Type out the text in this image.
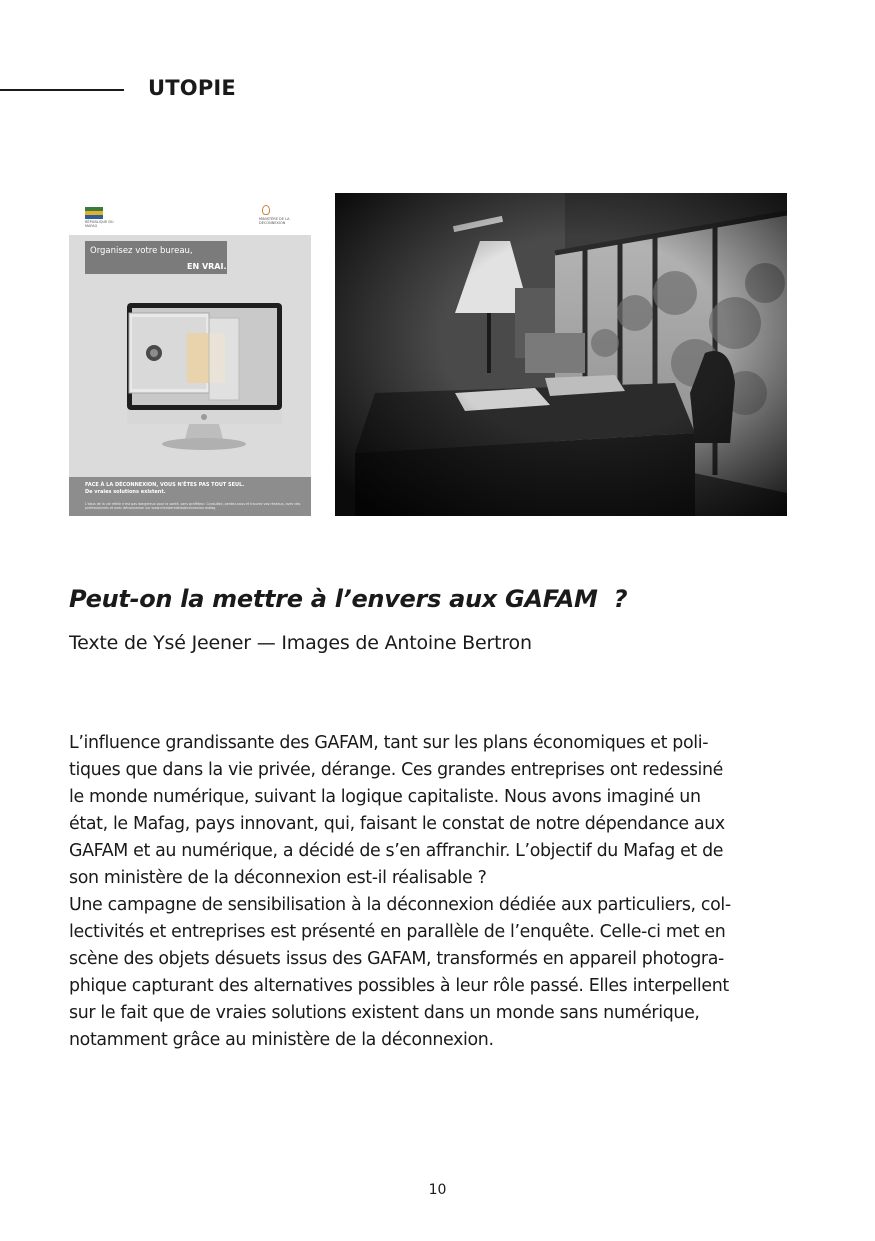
UTOPIE
RÉPUBLIQUE DU MAFAG
MINISTÈRE DE LA DÉCONNEXION
Organisez votre bureau,
EN VRAI.
FACE À LA DÉCONNEXION, VOUS N'ÊTES PAS TOUT SEUL.
De vraies solutions existent.
L'abus de la vie réelle n'est pas dangereux pour la santé, sans graffiteur. Consultez, perdez-vous et trouvez vos réseaux, avec des professionnels et avec déconnexion sur www.ministeredeladeconnexion.mafag
Peut-on la mettre à l’envers aux GAFAM  ?
Texte de Ysé Jeener — Images de Antoine Bertron
L’influence grandissante des GAFAM, tant sur les plans économiques et poli-
tiques que dans la vie privée, dérange. Ces grandes entreprises ont redessiné
le monde numérique, suivant la logique capitaliste. Nous avons imaginé un
état, le Mafag, pays innovant, qui, faisant le constat de notre dépendance aux
GAFAM et au numérique, a décidé de s’en affranchir. L’objectif du Mafag et de
son ministère de la déconnexion est-il réalisable ?
Une campagne de sensibilisation à la déconnexion dédiée aux particuliers, col-
lectivités et entreprises est présenté en parallèle de l’enquête. Celle-ci met en
scène des objets désuets issus des GAFAM, transformés en appareil photogra-
phique capturant des alternatives possibles à leur rôle passé. Elles interpellent
sur le fait que de vraies solutions existent dans un monde sans numérique,
notamment grâce au ministère de la déconnexion.
10
